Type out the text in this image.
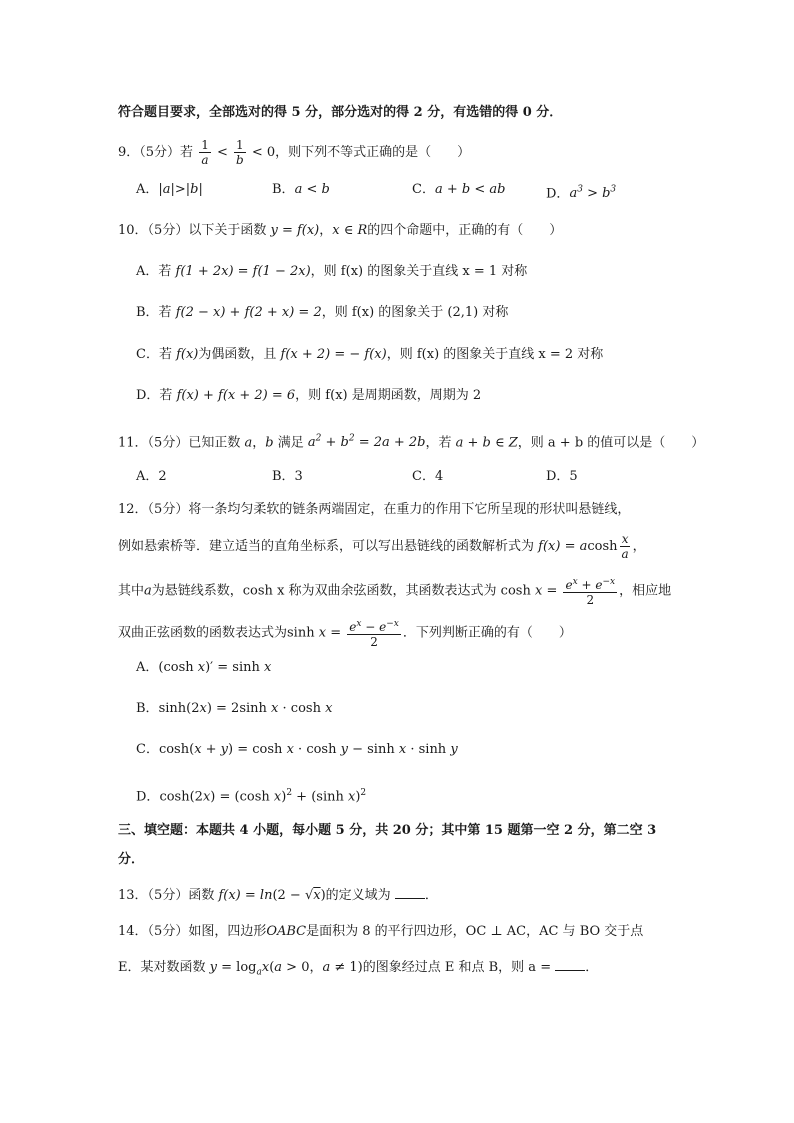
符合题目要求，全部选对的得 5 分，部分选对的得 2 分，有选错的得 0 分．
9．（5分）若 $\frac{1}{a} < \frac{1}{b} < 0$，则下列不等式正确的是（　　）
A．|a|>|b|	B．a < b	C．a + b < ab	D．$a^3 > b^3$
10．（5分）以下关于函数 y = f(x)，x ∈ R的四个命题中，正确的有（　　）
A．若 f(1 + 2x) = f(1 − 2x)，则 f(x) 的图象关于直线 x = 1 对称
B．若 f(2 − x) + f(2 + x) = 2，则 f(x) 的图象关于 (2,1) 对称
C．若 f(x)为偶函数，且 f(x + 2) = − f(x)，则 f(x) 的图象关于直线 x = 2 对称
D．若 f(x) + f(x + 2) = 6，则 f(x) 是周期函数，周期为 2
11．（5分）已知正数 a，b 满足 $a^2 + b^2 = 2a + 2b$，若 a + b ∈ Z，则 a + b 的值可以是（　　）
A．2	B．3	C．4	D．5
12．（5分）将一条均匀柔软的链条两端固定，在重力的作用下它所呈现的形状叫悬链线，
例如悬索桥等．建立适当的直角坐标系，可以写出悬链线的函数解析式为 f(x) = acosh $\frac{x}{a}$ ，
其中a为悬链线系数，cosh x 称为双曲余弦函数，其函数表达式为 $\cosh x = \frac{e^x + e^{-x}}{2}$ ，相应地
双曲正弦函数的函数表达式为$\sinh x = \frac{e^x - e^{-x}}{2}$ ．下列判断正确的有（　　）
A．(cosh x)′ = sinh x
B．sinh(2x) = 2sinh x · cosh x
C．cosh(x + y) = cosh x · cosh y − sinh x · sinh y
D．cosh(2x) = (cosh x)$^2$ + (sinh x)$^2$
三、填空题：本题共 4 小题，每小题 5 分，共 20 分；其中第 15 题第一空 2 分，第二空 3
分．
13．（5分）函数 f(x) = ln(2 − √x)的定义域为	．
14．（5分）如图，四边形OABC是面积为 8 的平行四边形，OC ⊥ AC，AC 与 BO 交于点
E．某对数函数 $y = \log_ax(a > 0$，a ≠ 1)的图象经过点 E 和点 B，则 a =	．
